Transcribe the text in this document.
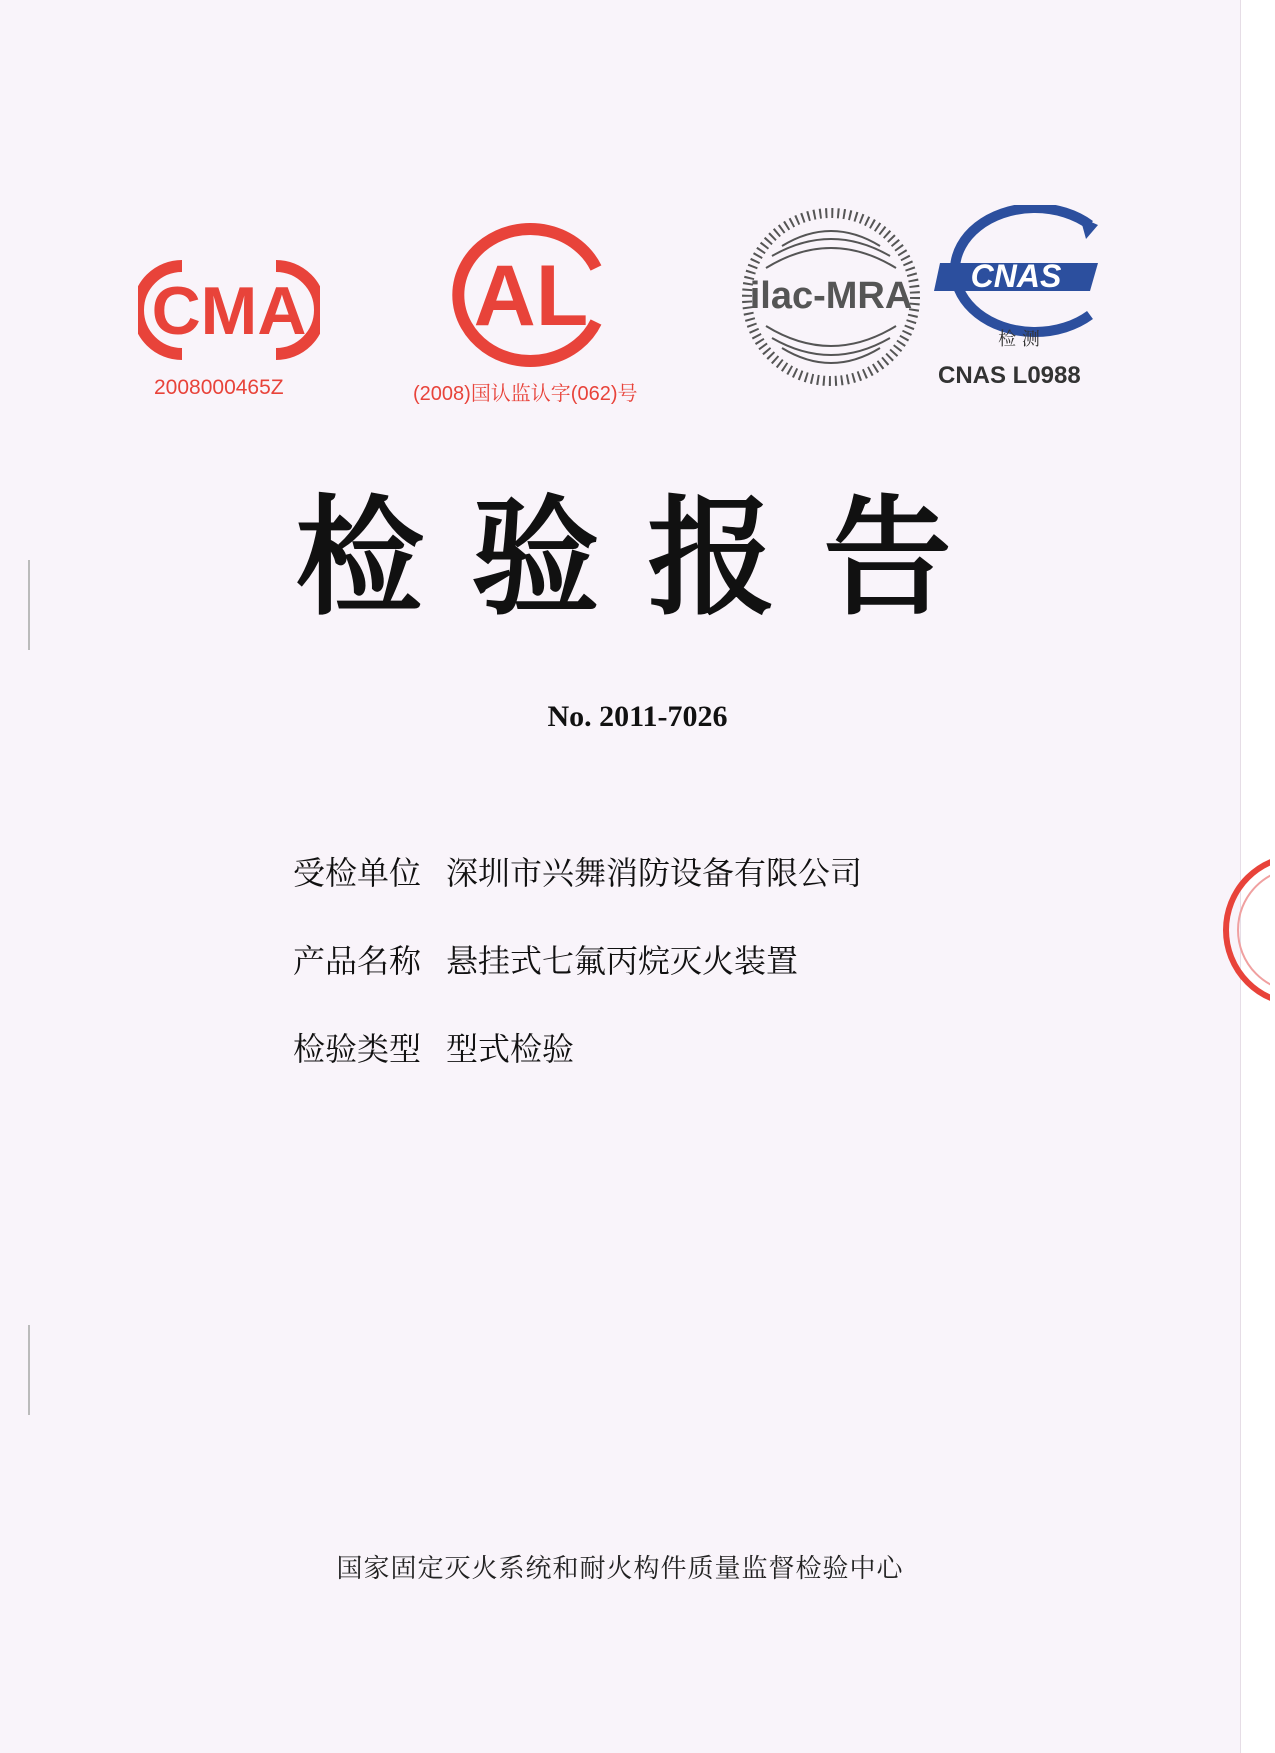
CMA
2008000465Z
AL
(2008)国认监认字(062)号
ilac-MRA CNAS
检 测
CNAS L0988
检验报告
No. 2011-7026
受检单位 深圳市兴舞消防设备有限公司
产品名称 悬挂式七氟丙烷灭火装置
检验类型 型式检验
国家固定灭火系统和耐火构件质量监督检验中心
